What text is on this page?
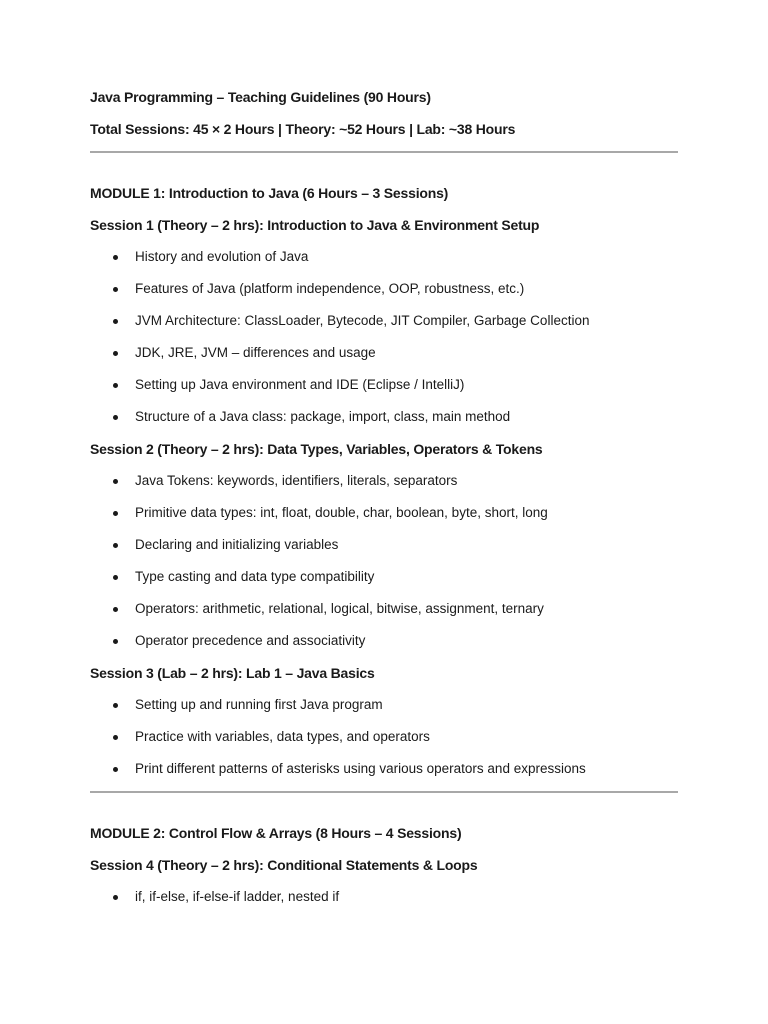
Java Programming – Teaching Guidelines (90 Hours)
Total Sessions: 45 × 2 Hours | Theory: ~52 Hours | Lab: ~38 Hours
MODULE 1: Introduction to Java (6 Hours – 3 Sessions)
Session 1 (Theory – 2 hrs): Introduction to Java & Environment Setup
History and evolution of Java
Features of Java (platform independence, OOP, robustness, etc.)
JVM Architecture: ClassLoader, Bytecode, JIT Compiler, Garbage Collection
JDK, JRE, JVM – differences and usage
Setting up Java environment and IDE (Eclipse / IntelliJ)
Structure of a Java class: package, import, class, main method
Session 2 (Theory – 2 hrs): Data Types, Variables, Operators & Tokens
Java Tokens: keywords, identifiers, literals, separators
Primitive data types: int, float, double, char, boolean, byte, short, long
Declaring and initializing variables
Type casting and data type compatibility
Operators: arithmetic, relational, logical, bitwise, assignment, ternary
Operator precedence and associativity
Session 3 (Lab – 2 hrs): Lab 1 – Java Basics
Setting up and running first Java program
Practice with variables, data types, and operators
Print different patterns of asterisks using various operators and expressions
MODULE 2: Control Flow & Arrays (8 Hours – 4 Sessions)
Session 4 (Theory – 2 hrs): Conditional Statements & Loops
if, if-else, if-else-if ladder, nested if
